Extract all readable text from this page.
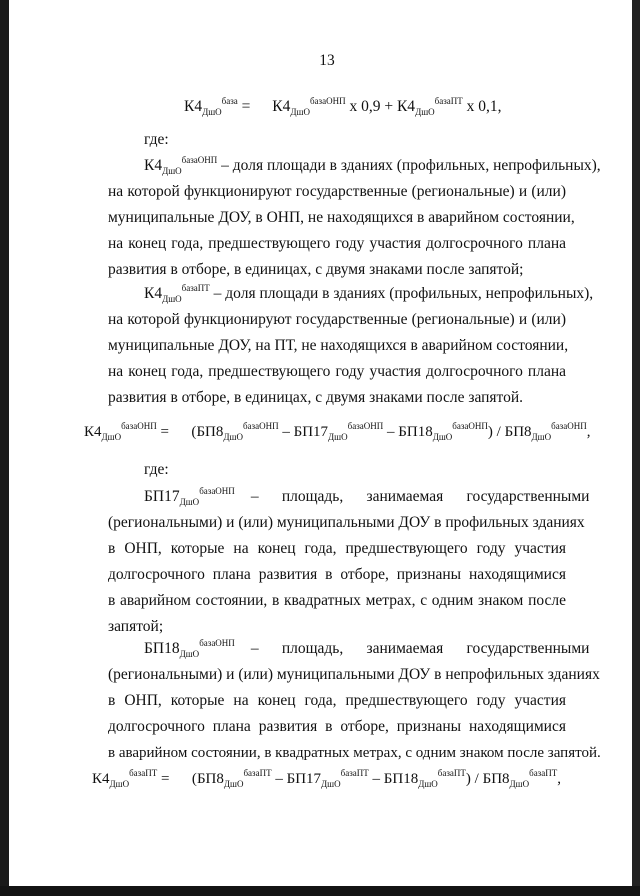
13
$К4_{ДшО}^{база} = К4_{ДшО}^{базаОНП}$ х $0,9 + К4_{ДшО}^{базаПТ}$ х 0,1,
где:
$К4_{ДшО}^{базаОНП}$ – доля площади в зданиях (профильных, непрофильных),
на которой функционируют государственные (региональные) и (или)
муниципальные ДОУ, в ОНП, не находящихся в аварийном состоянии,
на конец года, предшествующего году участия долгосрочного плана
развития в отборе, в единицах, с двумя знаками после запятой;
$К4_{ДшО}^{базаПТ}$ – доля площади в зданиях (профильных, непрофильных),
на которой функционируют государственные (региональные) и (или)
муниципальные ДОУ, на ПТ, не находящихся в аварийном состоянии,
на конец года, предшествующего году участия долгосрочного плана
развития в отборе, в единицах, с двумя знаками после запятой.
$К4_{ДшО}^{базаОНП}$ =      $(БП8_{ДшО}^{базаОНП} - БП17_{ДшО}^{базаОНП} - БП18_{ДшО}^{базаОНП}) / БП8_{ДшО}^{базаОНП}$,
где:
$БП17_{ДшО}^{базаОНП}$ –      площадь,      занимаемая      государственными
(региональными) и (или) муниципальными ДОУ в профильных зданиях
в ОНП, которые на конец года, предшествующего году участия
долгосрочного плана развития в отборе, признаны находящимися
в аварийном состоянии, в квадратных метрах, с одним знаком после
запятой;
$БП18_{ДшО}^{базаОНП}$ –      площадь,      занимаемая      государственными
(региональными) и (или) муниципальными ДОУ в непрофильных зданиях
в ОНП, которые на конец года, предшествующего году участия
долгосрочного плана развития в отборе, признаны находящимися
в аварийном состоянии, в квадратных метрах, с одним знаком после запятой.
$К4_{ДшО}^{базаПТ}$ =      $(БП8_{ДшО}^{базаПТ} - БП17_{ДшО}^{базаПТ} - БП18_{ДшО}^{базаПТ}) / БП8_{ДшО}^{базаПТ}$,
